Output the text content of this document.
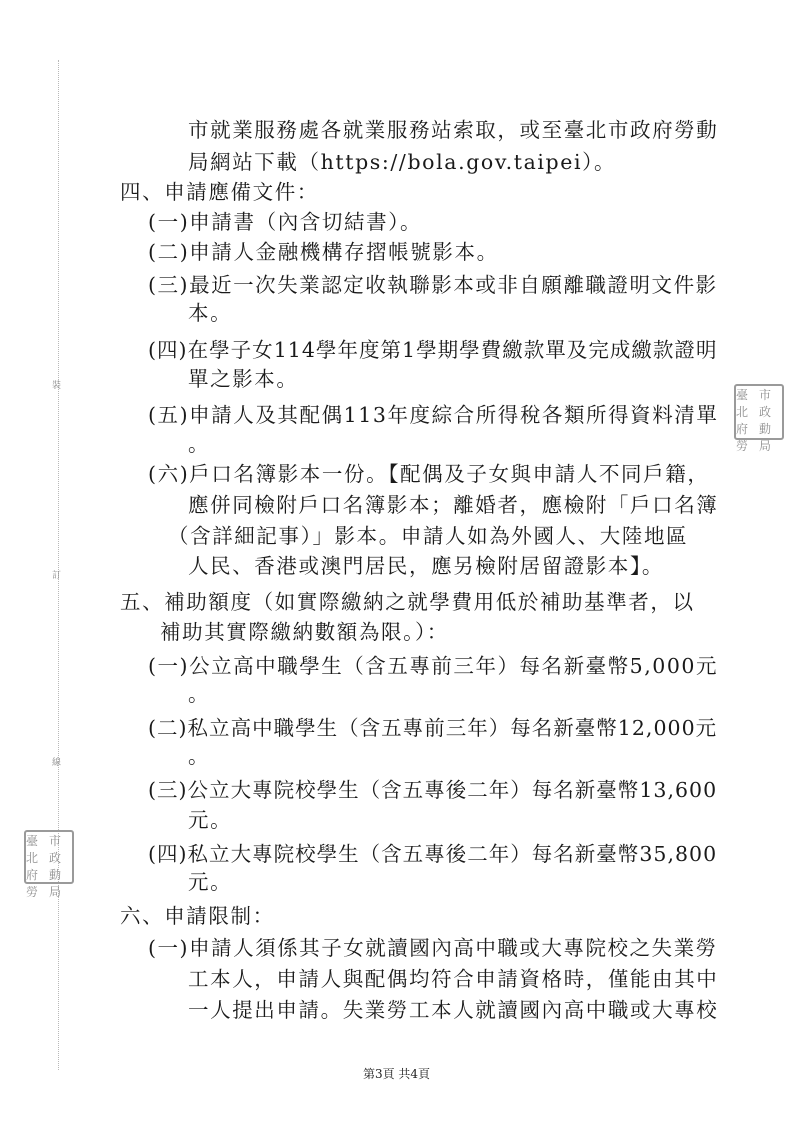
裝
訂
線
臺北
市政
府勞
動局
臺北
市政
府勞
動局
市就業服務處各就業服務站索取，或至臺北市政府勞動
局網站下載（https://bola.gov.taipei）。
四、申請應備文件：
(一)申請書（內含切結書）。
(二)申請人金融機構存摺帳號影本。
(三)最近一次失業認定收執聯影本或非自願離職證明文件影
本。
(四)在學子女114學年度第1學期學費繳款單及完成繳款證明
單之影本。
(五)申請人及其配偶113年度綜合所得稅各類所得資料清單
。
(六)戶口名簿影本一份。【配偶及子女與申請人不同戶籍，
應併同檢附戶口名簿影本；離婚者，應檢附「戶口名簿
（含詳細記事）」影本。申請人如為外國人、大陸地區
人民、香港或澳門居民，應另檢附居留證影本】。
五、補助額度（如實際繳納之就學費用低於補助基準者，以
補助其實際繳納數額為限。）：
(一)公立高中職學生（含五專前三年）每名新臺幣5,000元
。
(二)私立高中職學生（含五專前三年）每名新臺幣12,000元
。
(三)公立大專院校學生（含五專後二年）每名新臺幣13,600
元。
(四)私立大專院校學生（含五專後二年）每名新臺幣35,800
元。
六、申請限制：
(一)申請人須係其子女就讀國內高中職或大專院校之失業勞
工本人，申請人與配偶均符合申請資格時，僅能由其中
一人提出申請。失業勞工本人就讀國內高中職或大專校
第3頁 共4頁
